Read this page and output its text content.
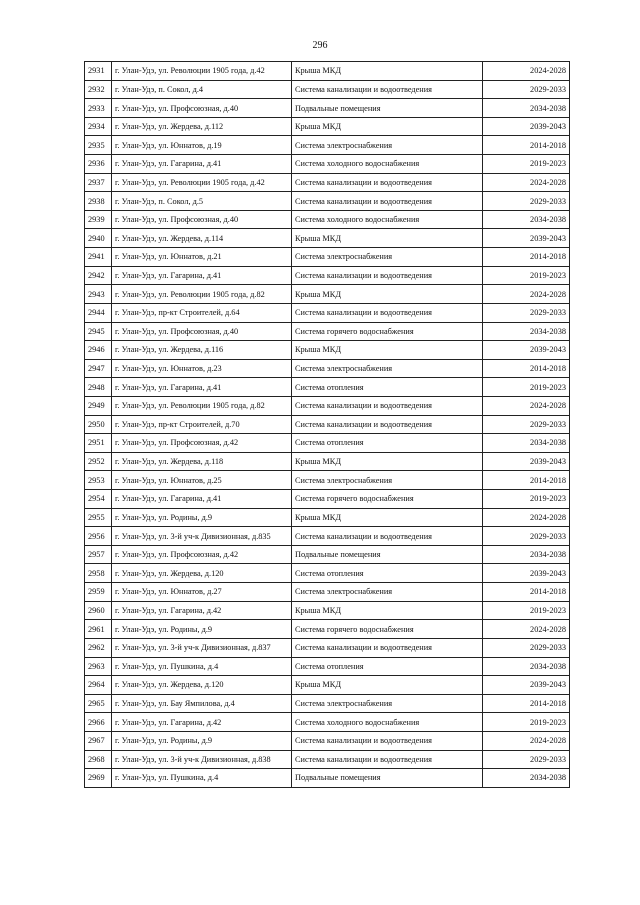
296
2931	г. Улан-Удэ, ул. Революции 1905 года, д.42	Крыша МКД	2024-2028
2932	г. Улан-Удэ, п. Сокол, д.4	Система канализации и водоотведения	2029-2033
2933	г. Улан-Удэ, ул. Профсоюзная, д.40	Подвальные помещения	2034-2038
2934	г. Улан-Удэ, ул. Жердева, д.112	Крыша МКД	2039-2043
2935	г. Улан-Удэ, ул. Юннатов, д.19	Система электроснабжения	2014-2018
2936	г. Улан-Удэ, ул. Гагарина, д.41	Система холодного водоснабжения	2019-2023
2937	г. Улан-Удэ, ул. Революции 1905 года, д.42	Система канализации и водоотведения	2024-2028
2938	г. Улан-Удэ, п. Сокол, д.5	Система канализации и водоотведения	2029-2033
2939	г. Улан-Удэ, ул. Профсоюзная, д.40	Система холодного водоснабжения	2034-2038
2940	г. Улан-Удэ, ул. Жердева, д.114	Крыша МКД	2039-2043
2941	г. Улан-Удэ, ул. Юннатов, д.21	Система электроснабжения	2014-2018
2942	г. Улан-Удэ, ул. Гагарина, д.41	Система канализации и водоотведения	2019-2023
2943	г. Улан-Удэ, ул. Революции 1905 года, д.82	Крыша МКД	2024-2028
2944	г. Улан-Удэ, пр-кт Строителей, д.64	Система канализации и водоотведения	2029-2033
2945	г. Улан-Удэ, ул. Профсоюзная, д.40	Система горячего водоснабжения	2034-2038
2946	г. Улан-Удэ, ул. Жердева, д.116	Крыша МКД	2039-2043
2947	г. Улан-Удэ, ул. Юннатов, д.23	Система электроснабжения	2014-2018
2948	г. Улан-Удэ, ул. Гагарина, д.41	Система отопления	2019-2023
2949	г. Улан-Удэ, ул. Революции 1905 года, д.82	Система канализации и водоотведения	2024-2028
2950	г. Улан-Удэ, пр-кт Строителей, д.70	Система канализации и водоотведения	2029-2033
2951	г. Улан-Удэ, ул. Профсоюзная, д.42	Система отопления	2034-2038
2952	г. Улан-Удэ, ул. Жердева, д.118	Крыша МКД	2039-2043
2953	г. Улан-Удэ, ул. Юннатов, д.25	Система электроснабжения	2014-2018
2954	г. Улан-Удэ, ул. Гагарина, д.41	Система горячего водоснабжения	2019-2023
2955	г. Улан-Удэ, ул. Родины, д.9	Крыша МКД	2024-2028
2956	г. Улан-Удэ, ул. 3-й уч-к Дивизионная, д.835	Система канализации и водоотведения	2029-2033
2957	г. Улан-Удэ, ул. Профсоюзная, д.42	Подвальные помещения	2034-2038
2958	г. Улан-Удэ, ул. Жердева, д.120	Система отопления	2039-2043
2959	г. Улан-Удэ, ул. Юннатов, д.27	Система электроснабжения	2014-2018
2960	г. Улан-Удэ, ул. Гагарина, д.42	Крыша МКД	2019-2023
2961	г. Улан-Удэ, ул. Родины, д.9	Система горячего водоснабжения	2024-2028
2962	г. Улан-Удэ, ул. 3-й уч-к Дивизионная, д.837	Система канализации и водоотведения	2029-2033
2963	г. Улан-Удэ, ул. Пушкина, д.4	Система отопления	2034-2038
2964	г. Улан-Удэ, ул. Жердева, д.120	Крыша МКД	2039-2043
2965	г. Улан-Удэ, ул. Бау Ямпилова, д.4	Система электроснабжения	2014-2018
2966	г. Улан-Удэ, ул. Гагарина, д.42	Система холодного водоснабжения	2019-2023
2967	г. Улан-Удэ, ул. Родины, д.9	Система канализации и водоотведения	2024-2028
2968	г. Улан-Удэ, ул. 3-й уч-к Дивизионная, д.838	Система канализации и водоотведения	2029-2033
2969	г. Улан-Удэ, ул. Пушкина, д.4	Подвальные помещения	2034-2038
